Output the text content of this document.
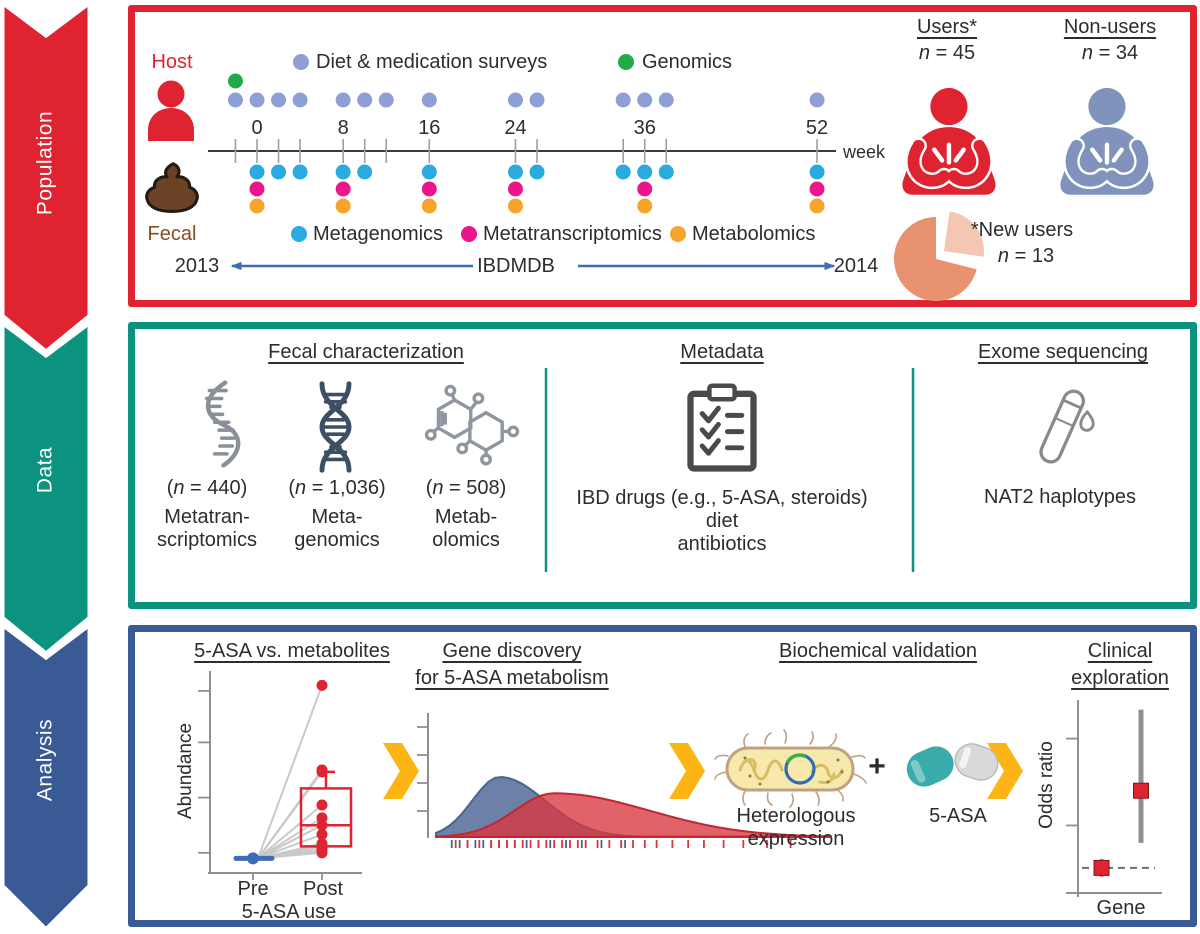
Population
Data
Analysis
0	8	16	24	36	52
Host
Fecal
Diet & medication surveys	Genomics
week
Metagenomics Metatranscriptomics Metabolomics
2013	IBDMDB	2014
Users*
n = 45
Non-users
n = 34
*New users
n = 13
Fecal characterization
(n = 440)
Metatran-
scriptomics
(n = 1,036)
Meta-
genomics
(n = 508)
Metab-
olomics
Metadata
IBD drugs (e.g., 5-ASA, steroids)
diet
antibiotics
Exome sequencing
NAT2 haplotypes
5-ASA vs. metabolites
Abundance
Pre Post
5-ASA use
Gene discovery
for 5-ASA metabolism
Biochemical validation
Heterologous
expression
+
5-ASA
Clinical
exploration
Odds ratio
Gene
